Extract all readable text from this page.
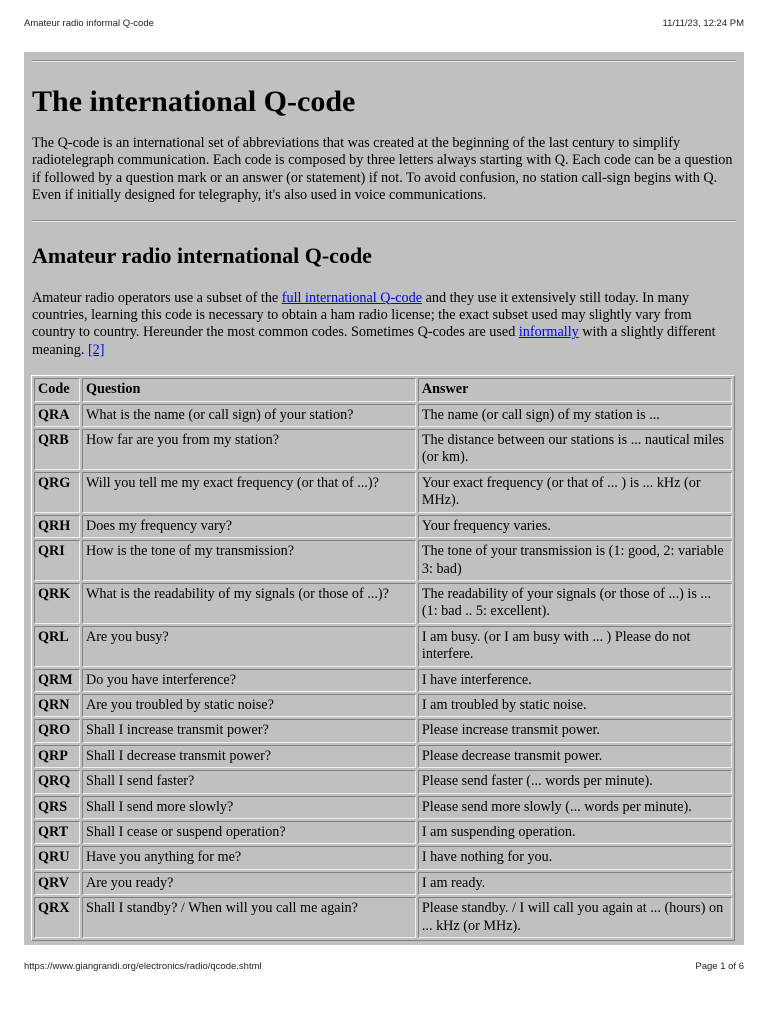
Amateur radio informal Q-code	11/11/23, 12:24 PM
The international Q-code

The Q-code is an international set of abbreviations that was created at the beginning of the last century to simplify radiotelegraph communication. Each code is composed by three letters always starting with Q. Each code can be a question if followed by a question mark or an answer (or statement) if not. To avoid confusion, no station call-sign begins with Q. Even if initially designed for telegraphy, it's also used in voice communications.

Amateur radio international Q-code

Amateur radio operators use a subset of the full international Q-code and they use it extensively still today. In many countries, learning this code is necessary to obtain a ham radio license; the exact subset used may slightly vary from country to country. Hereunder the most common codes. Sometimes Q-codes are used informally with a slightly different meaning. [2]

Code	Question	Answer
QRA	What is the name (or call sign) of your station?	The name (or call sign) of my station is ...
QRB	How far are you from my station?	The distance between our stations is ... nautical miles (or km).
QRG	Will you tell me my exact frequency (or that of ...)?	Your exact frequency (or that of ... ) is ... kHz (or MHz).
QRH	Does my frequency vary?	Your frequency varies.
QRI	How is the tone of my transmission?	The tone of your transmission is (1: good, 2: variable 3: bad)
QRK	What is the readability of my signals (or those of ...)?	The readability of your signals (or those of ...) is ... (1: bad .. 5: excellent).
QRL	Are you busy?	I am busy. (or I am busy with ... ) Please do not interfere.
QRM	Do you have interference?	I have interference.
QRN	Are you troubled by static noise?	I am troubled by static noise.
QRO	Shall I increase transmit power?	Please increase transmit power.
QRP	Shall I decrease transmit power?	Please decrease transmit power.
QRQ	Shall I send faster?	Please send faster (... words per minute).
QRS	Shall I send more slowly?	Please send more slowly (... words per minute).
QRT	Shall I cease or suspend operation?	I am suspending operation.
QRU	Have you anything for me?	I have nothing for you.
QRV	Are you ready?	I am ready.
QRX	Shall I standby? / When will you call me again?	Please standby. / I will call you again at ... (hours) on ... kHz (or MHz).
https://www.giangrandi.org/electronics/radio/qcode.shtml	Page 1 of 6
